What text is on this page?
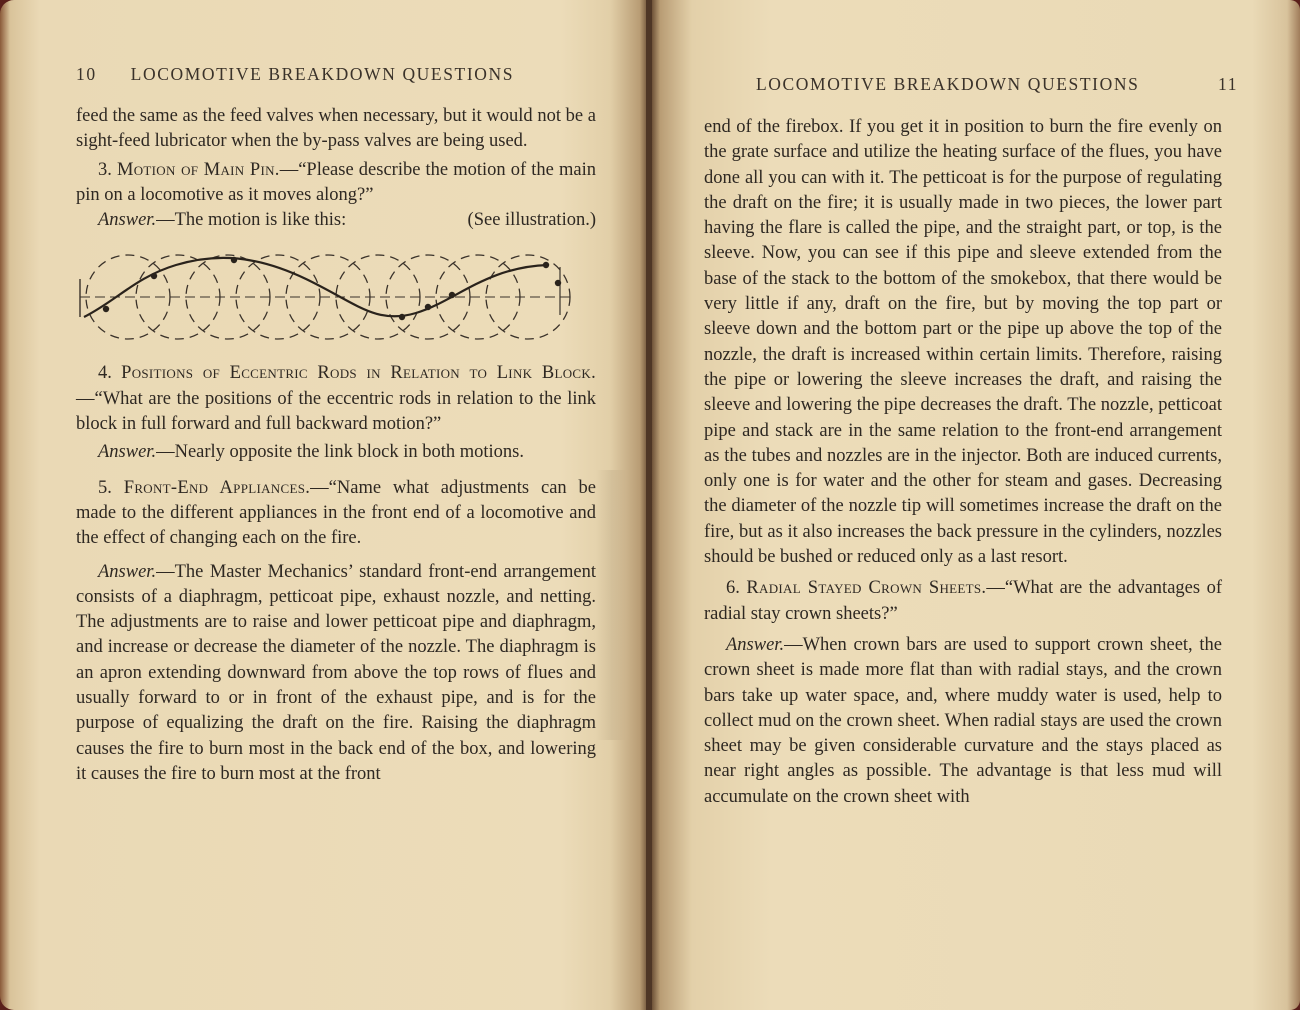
10 LOCOMOTIVE BREAKDOWN QUESTIONS

feed the same as the feed valves when necessary, but it would not be a sight-feed lubricator when the by-pass valves are being used.

3. Motion of Main Pin.—“Please describe the motion of the main pin on a locomotive as it moves along?”

Answer.—The motion is like this:	(See illustration.)

4. Positions of Eccentric Rods in Relation to Link Block.—“What are the positions of the eccentric rods in relation to the link block in full forward and full backward motion?”

Answer.—Nearly opposite the link block in both motions.

5. Front-End Appliances.—“Name what adjustments can be made to the different appliances in the front end of a locomotive and the effect of changing each on the fire.

Answer.—The Master Mechanics’ standard front-end arrangement consists of a diaphragm, petticoat pipe, exhaust nozzle, and netting. The adjustments are to raise and lower petticoat pipe and diaphragm, and increase or decrease the diameter of the nozzle. The diaphragm is an apron extending downward from above the top rows of flues and usually forward to or in front of the exhaust pipe, and is for the purpose of equalizing the draft on the fire. Raising the diaphragm causes the fire to burn most in the back end of the box, and lowering it causes the fire to burn most at the front

LOCOMOTIVE BREAKDOWN QUESTIONS	11

end of the firebox. If you get it in position to burn the fire evenly on the grate surface and utilize the heating surface of the flues, you have done all you can with it. The petticoat is for the purpose of regulating the draft on the fire; it is usually made in two pieces, the lower part having the flare is called the pipe, and the straight part, or top, is the sleeve. Now, you can see if this pipe and sleeve extended from the base of the stack to the bottom of the smokebox, that there would be very little if any, draft on the fire, but by moving the top part or sleeve down and the bottom part or the pipe up above the top of the nozzle, the draft is increased within certain limits. Therefore, raising the pipe or lowering the sleeve increases the draft, and raising the sleeve and lowering the pipe decreases the draft. The nozzle, petticoat pipe and stack are in the same relation to the front-end arrangement as the tubes and nozzles are in the injector. Both are induced currents, only one is for water and the other for steam and gases. Decreasing the diameter of the nozzle tip will sometimes increase the draft on the fire, but as it also increases the back pressure in the cylinders, nozzles should be bushed or reduced only as a last resort.

6. Radial Stayed Crown Sheets.—“What are the advantages of radial stay crown sheets?”

Answer.—When crown bars are used to support crown sheet, the crown sheet is made more flat than with radial stays, and the crown bars take up water space, and, where muddy water is used, help to collect mud on the crown sheet. When radial stays are used the crown sheet may be given considerable curvature and the stays placed as near right angles as possible. The advantage is that less mud will accumulate on the crown sheet with
